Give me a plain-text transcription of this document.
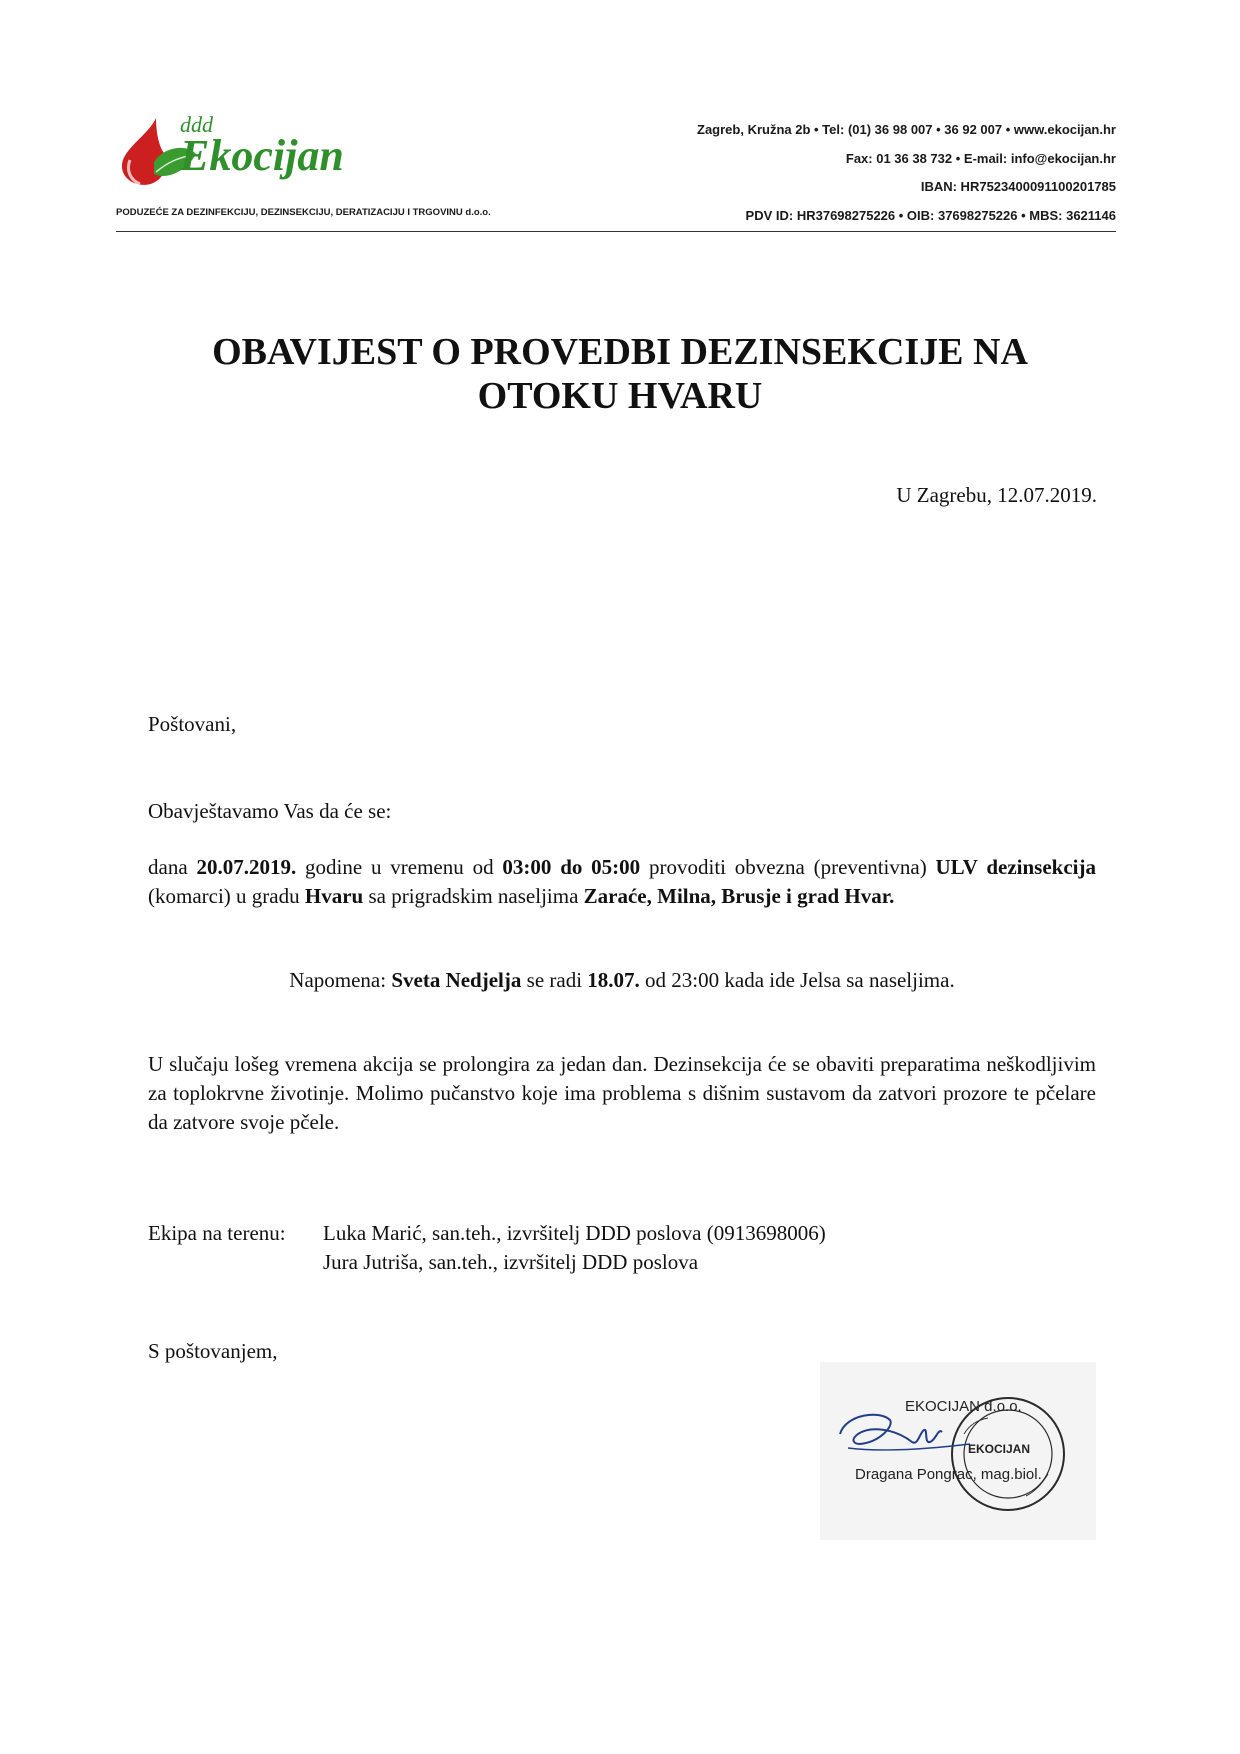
ddd
Ekocijan
PODUZEĆE ZA DEZINFEKCIJU, DEZINSEKCIJU, DERATIZACIJU I TRGOVINU d.o.o.
Zagreb, Kružna 2b • Tel: (01) 36 98 007 • 36 92 007 • www.ekocijan.hr
Fax: 01 36 38 732 • E-mail: info@ekocijan.hr
IBAN: HR7523400091100201785
PDV ID: HR37698275226 • OIB: 37698275226 • MBS: 3621146
OBAVIJEST O PROVEDBI DEZINSEKCIJE NA
OTOKU HVARU
U Zagrebu, 12.07.2019.
Poštovani,
Obavještavamo Vas da će se:
dana 20.07.2019. godine u vremenu od 03:00 do 05:00 provoditi obvezna (preventivna) ULV dezinsekcija (komarci) u gradu Hvaru sa prigradskim naseljima Zaraće, Milna, Brusje i grad Hvar.
Napomena: Sveta Nedjelja se radi 18.07. od 23:00 kada ide Jelsa sa naseljima.
U slučaju lošeg vremena akcija se prolongira za jedan dan. Dezinsekcija će se obaviti preparatima neškodljivim za toplokrvne životinje. Molimo pučanstvo koje ima problema s dišnim sustavom da zatvori prozore te pčelare da zatvore svoje pčele.
Ekipa na terenu: Luka Marić, san.teh., izvršitelj DDD poslova (0913698006)
Jura Jutriša, san.teh., izvršitelj DDD poslova
S poštovanjem,
EKOCIJAN d.o.o.
EKOCIJAN
Dragana Pongrac, mag.biol.
